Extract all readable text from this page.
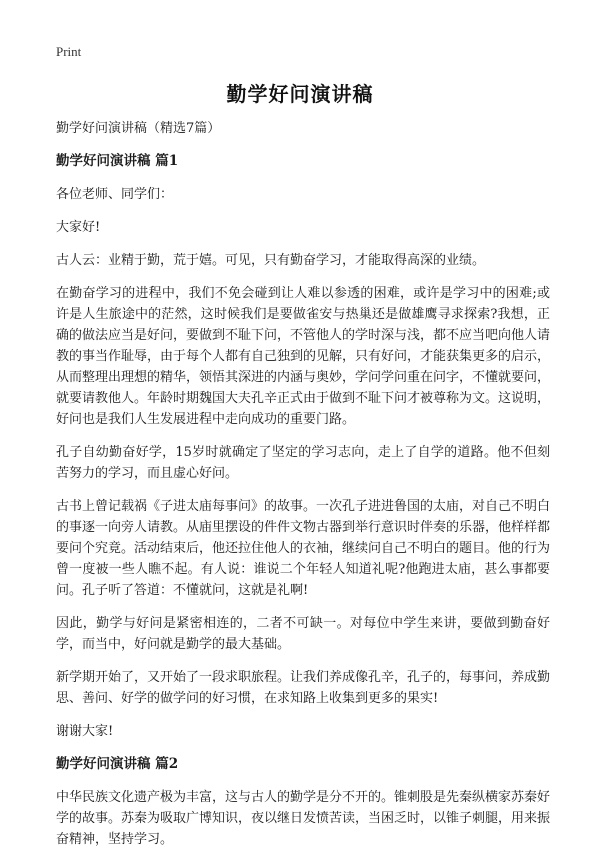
Print
勤学好问演讲稿

勤学好问演讲稿（精选7篇）

勤学好问演讲稿 篇1

各位老师、同学们：

大家好!

古人云：业精于勤，荒于嬉。可见，只有勤奋学习，才能取得高深的业绩。

在勤奋学习的进程中，我们不免会碰到让人难以参透的困难，或许是学习中的困难;或许是人生旅途中的茫然，这时候我们是要做雀安与热巢还是做雄鹰寻求探索?我想，正确的做法应当是好问，要做到不耻下问，不管他人的学时深与浅，都不应当吧向他人请教的事当作耻辱，由于每个人都有自己独到的见解，只有好问，才能获集更多的启示，从而整理出理想的精华，领悟其深进的内涵与奥妙，学问学问重在问字，不懂就要问，就要请教他人。年龄时期魏国大夫孔辛正式由于做到不耻下问才被尊称为文。这说明，好问也是我们人生发展进程中走向成功的重要门路。

孔子自幼勤奋好学，15岁时就确定了坚定的学习志向，走上了自学的道路。他不但刻苦努力的学习，而且虚心好问。

古书上曾记载祸《子进太庙每事问》的故事。一次孔子进进鲁国的太庙，对自己不明白的事逐一向旁人请教。从庙里摆设的件件文物古器到举行意识时伴奏的乐器，他样样都要问个究竟。活动结束后，他还拉住他人的衣袖，继续问自己不明白的题目。他的行为曾一度被一些人瞧不起。有人说：谁说二个年轻人知道礼呢?他跑进太庙，甚么事都要问。孔子听了答道：不懂就问，这就是礼啊!

因此，勤学与好问是紧密相连的，二者不可缺一。对每位中学生来讲，要做到勤奋好学，而当中，好问就是勤学的最大基础。

新学期开始了，又开始了一段求职旅程。让我们养成像孔辛，孔子的，每事问，养成勤思、善问、好学的做学问的好习惯，在求知路上收集到更多的果实!

谢谢大家!

勤学好问演讲稿 篇2

中华民族文化遗产极为丰富，这与古人的勤学是分不开的。锥刺股是先秦纵横家苏秦好学的故事。苏秦为吸取广博知识，夜以继日发愤苦读，当困乏时，以锥子刺腿，用来振奋精神，坚持学习。
